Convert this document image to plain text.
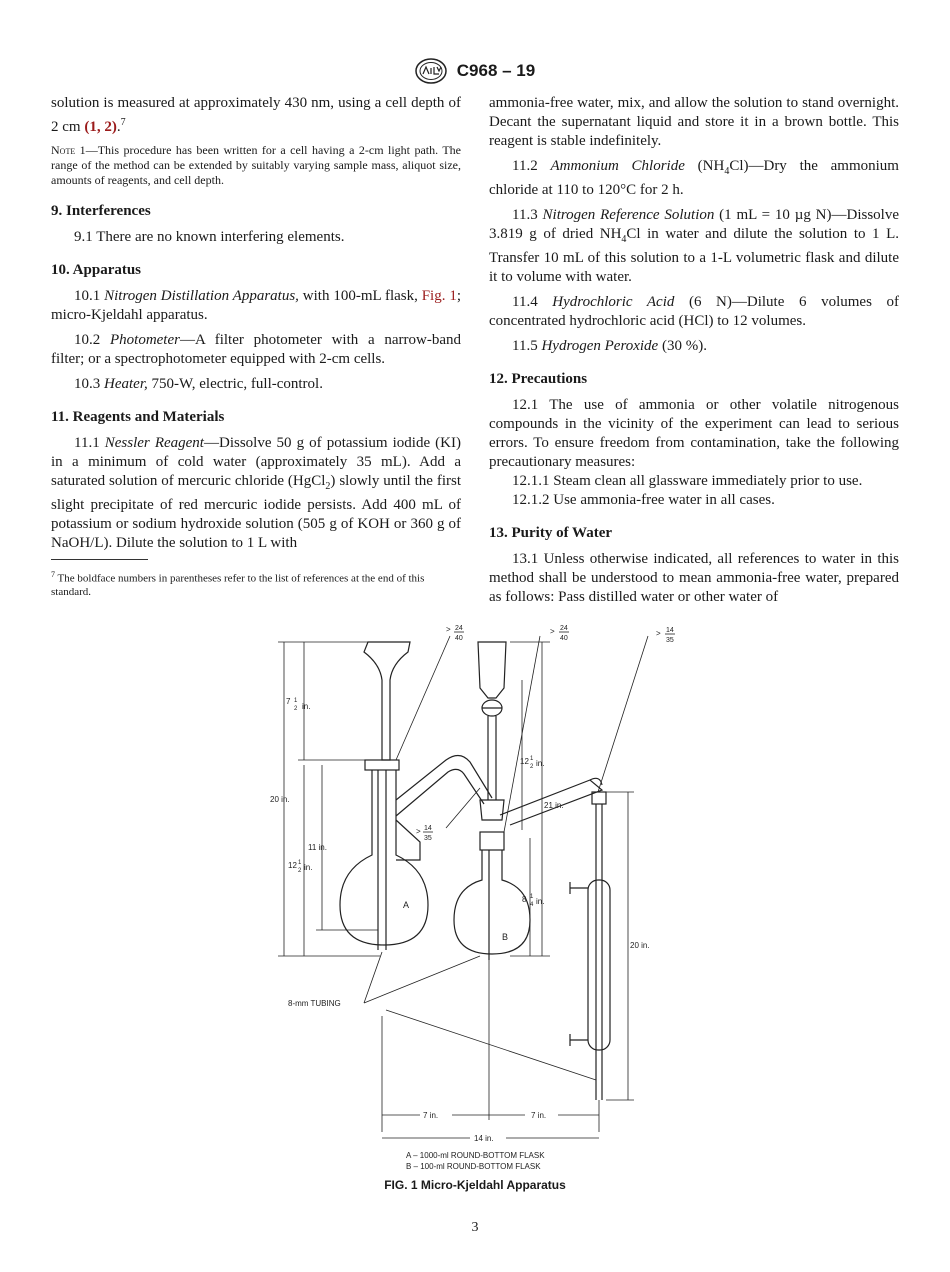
C968 – 19

solution is measured at approximately 430 nm, using a cell depth of 2 cm (1, 2).$^7$

Note 1—This procedure has been written for a cell having a 2-cm light path. The range of the method can be extended by suitably varying sample mass, aliquot size, amounts of reagents, and cell depth.

9. Interferences

9.1 There are no known interfering elements.

10. Apparatus

10.1 Nitrogen Distillation Apparatus, with 100-mL flask, Fig. 1; micro-Kjeldahl apparatus.

10.2 Photometer—A filter photometer with a narrow-band filter; or a spectrophotometer equipped with 2-cm cells.

10.3 Heater, 750-W, electric, full-control.

11. Reagents and Materials

11.1 Nessler Reagent—Dissolve 50 g of potassium iodide (KI) in a minimum of cold water (approximately 35 mL). Add a saturated solution of mercuric chloride (HgCl$_2$) slowly until the first slight precipitate of red mercuric iodide persists. Add 400 mL of potassium or sodium hydroxide solution (505 g of KOH or 360 g of NaOH/L). Dilute the solution to 1 L with

$^7$ The boldface numbers in parentheses refer to the list of references at the end of this standard.

ammonia-free water, mix, and allow the solution to stand overnight. Decant the supernatant liquid and store it in a brown bottle. This reagent is stable indefinitely.

11.2 Ammonium Chloride $(NH_4Cl)—Dry$ the ammonium chloride at 110 to 120°C for 2 h.

11.3 Nitrogen Reference Solution (1 mL = 10 µg N)—Dissolve 3.819 g of dried $NH_4Cl$ in water and dilute the solution to 1 L. Transfer 10 mL of this solution to a 1-L volumetric flask and dilute it to volume with water.

11.4 Hydrochloric Acid (6 N)—Dilute 6 volumes of concentrated hydrochloric acid (HCl) to 12 volumes.

11.5 Hydrogen Peroxide (30 %).

12. Precautions

12.1 The use of ammonia or other volatile nitrogenous compounds in the vicinity of the experiment can lead to serious errors. To ensure freedom from contamination, take the following precautionary measures:

12.1.1 Steam clean all glassware immediately prior to use.

12.1.2 Use ammonia-free water in all cases.

13. Purity of Water

13.1 Unless otherwise indicated, all references to water in this method shall be understood to mean ammonia-free water, prepared as follows: Pass distilled water or other water of

A
B
7 1
2 in.
20 in.
11 in.
12 1
2 in.
12 1
2 in.
21 in.
8 1
4 in.
20 in.
> 24
40
> 24
40
> 14
35
> 14
35
8-mm TUBING
7 in.	7 in.
14 in.
A – 1000-ml ROUND-BOTTOM FLASK
B – 100-ml ROUND-BOTTOM FLASK
FIG. 1 Micro-Kjeldahl Apparatus
3
